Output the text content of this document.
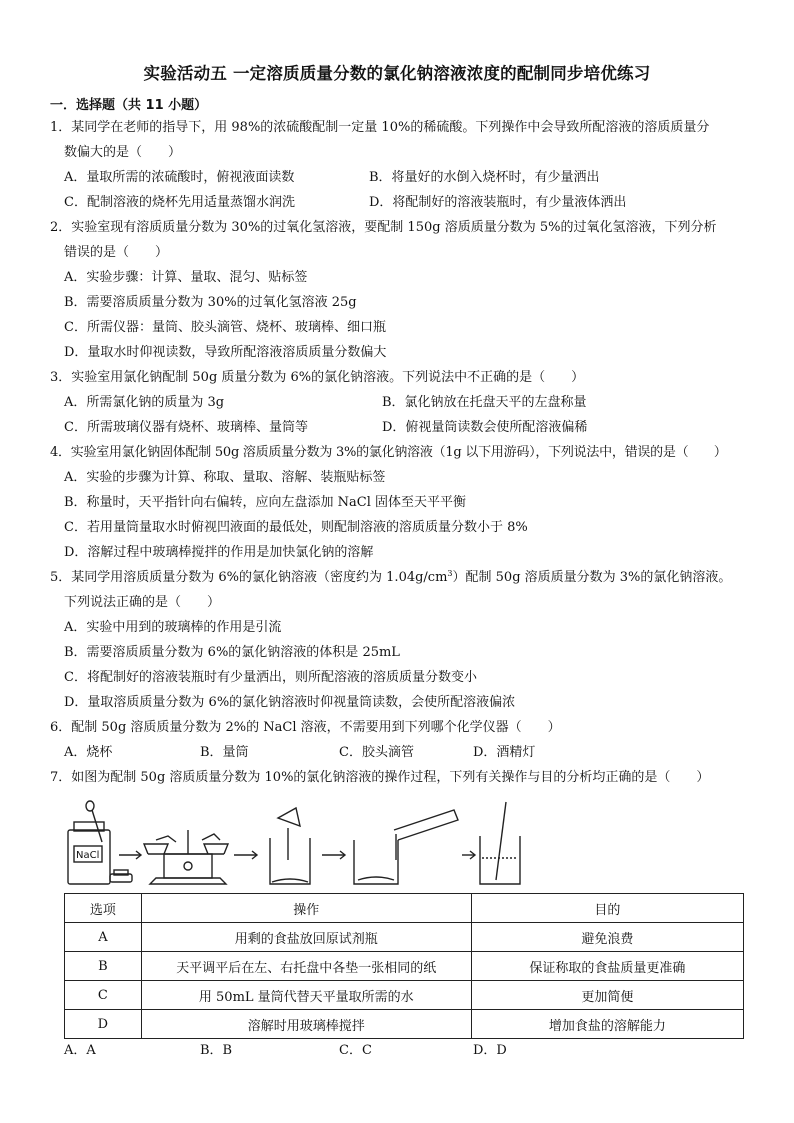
实验活动五 一定溶质质量分数的氯化钠溶液浓度的配制同步培优练习
一．选择题（共 11 小题）
1．某同学在老师的指导下，用 98%的浓硫酸配制一定量 10%的稀硫酸。下列操作中会导致所配溶液的溶质质量分
数偏大的是（　　）
A．量取所需的浓硫酸时，俯视液面读数	B．将量好的水倒入烧杯时，有少量洒出
C．配制溶液的烧杯先用适量蒸馏水润洗	D．将配制好的溶液装瓶时，有少量液体洒出
2．实验室现有溶质质量分数为 30%的过氧化氢溶液，要配制 150g 溶质质量分数为 5%的过氧化氢溶液，下列分析
错误的是（　　）
A．实验步骤：计算、量取、混匀、贴标签
B．需要溶质质量分数为 30%的过氧化氢溶液 25g
C．所需仪器：量筒、胶头滴管、烧杯、玻璃棒、细口瓶
D．量取水时仰视读数，导致所配溶液溶质质量分数偏大
3．实验室用氯化钠配制 50g 质量分数为 6%的氯化钠溶液。下列说法中不正确的是（　　）
A．所需氯化钠的质量为 3g	B．氯化钠放在托盘天平的左盘称量
C．所需玻璃仪器有烧杯、玻璃棒、量筒等	D．俯视量筒读数会使所配溶液偏稀
4．实验室用氯化钠固体配制 50g 溶质质量分数为 3%的氯化钠溶液（1g 以下用游码），下列说法中，错误的是（　　）
A．实验的步骤为计算、称取、量取、溶解、装瓶贴标签
B．称量时，天平指针向右偏转，应向左盘添加 NaCl 固体至天平平衡
C．若用量筒量取水时俯视凹液面的最低处，则配制溶液的溶质质量分数小于 8%
D．溶解过程中玻璃棒搅拌的作用是加快氯化钠的溶解
5．某同学用溶质质量分数为 6%的氯化钠溶液（密度约为 $1.04g/cm^3$）配制 50g 溶质质量分数为 3%的氯化钠溶液。
下列说法正确的是（　　）
A．实验中用到的玻璃棒的作用是引流
B．需要溶质质量分数为 6%的氯化钠溶液的体积是 25mL
C．将配制好的溶液装瓶时有少量洒出，则所配溶液的溶质质量分数变小
D．量取溶质质量分数为 6%的氯化钠溶液时仰视量筒读数，会使所配溶液偏浓
6．配制 50g 溶质质量分数为 2%的 NaCl 溶液，不需要用到下列哪个化学仪器（　　）
A．烧杯	B．量筒	C．胶头滴管	D．酒精灯
7．如图为配制 50g 溶质质量分数为 10%的氯化钠溶液的操作过程，下列有关操作与目的分析均正确的是（　　）
NaCl
选项	操作	目的
A	用剩的食盐放回原试剂瓶	避免浪费
B	天平调平后在左、右托盘中各垫一张相同的纸	保证称取的食盐质量更准确
C	用 50mL 量筒代替天平量取所需的水	更加简便
D	溶解时用玻璃棒搅拌	增加食盐的溶解能力
A．A	B．B	C．C	D．D
